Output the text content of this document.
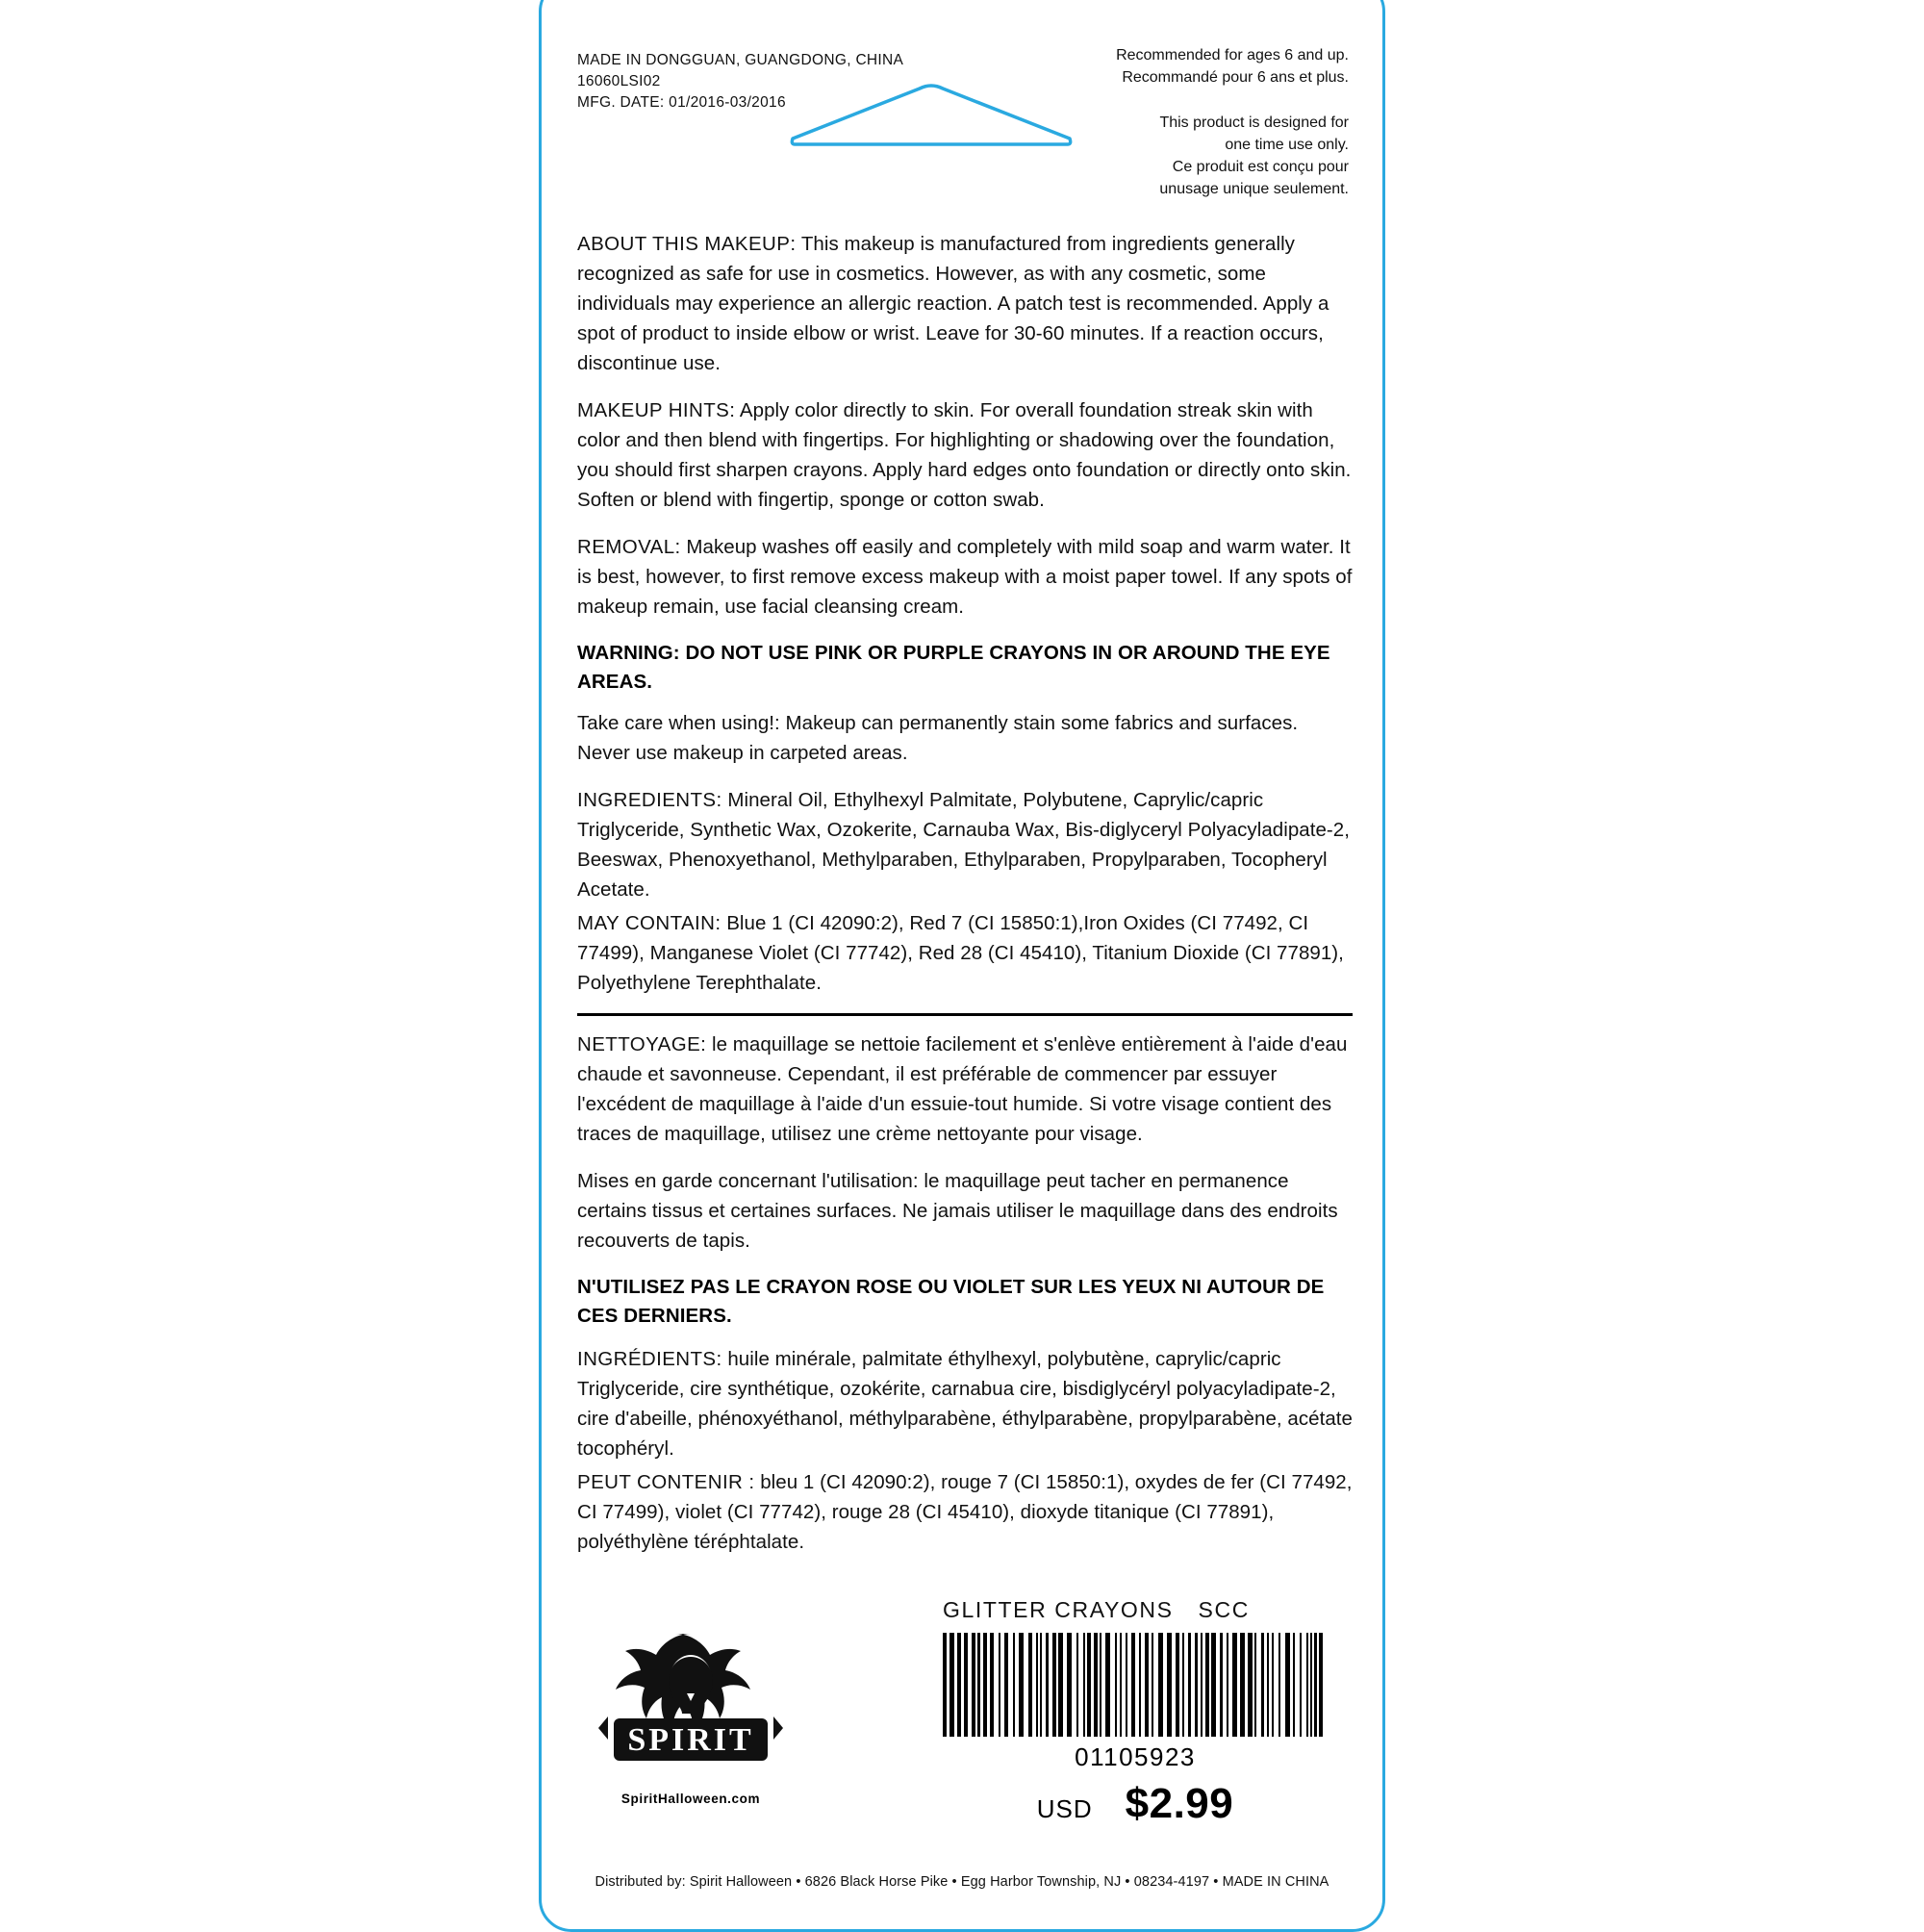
MADE IN DONGGUAN, GUANGDONG, CHINA
16060LSI02
MFG. DATE: 01/2016-03/2016
Recommended for ages 6 and up.
Recommandé pour 6 ans et plus.
This product is designed for
one time use only.
Ce produit est conçu pour
unusage unique seulement.

ABOUT THIS MAKEUP: This makeup is manufactured from ingredients generally recognized as safe for use in cosmetics. However, as with any cosmetic, some individuals may experience an allergic reaction. A patch test is recommended. Apply a spot of product to inside elbow or wrist. Leave for 30-60 minutes. If a reaction occurs, discontinue use.

MAKEUP HINTS: Apply color directly to skin. For overall foundation streak skin with color and then blend with fingertips. For highlighting or shadowing over the foundation, you should first sharpen crayons. Apply hard edges onto foundation or directly onto skin. Soften or blend with fingertip, sponge or cotton swab.

REMOVAL: Makeup washes off easily and completely with mild soap and warm water. It is best, however, to first remove excess makeup with a moist paper towel. If any spots of makeup remain, use facial cleansing cream.

WARNING: DO NOT USE PINK OR PURPLE CRAYONS IN OR AROUND THE EYE AREAS.

Take care when using!: Makeup can permanently stain some fabrics and surfaces. Never use makeup in carpeted areas.

INGREDIENTS: Mineral Oil, Ethylhexyl Palmitate, Polybutene, Caprylic/capric Triglyceride, Synthetic Wax, Ozokerite, Carnauba Wax, Bis-diglyceryl Polyacyladipate-2, Beeswax, Phenoxyethanol, Methylparaben, Ethylparaben, Propylparaben, Tocopheryl Acetate.

MAY CONTAIN: Blue 1 (CI 42090:2), Red 7 (CI 15850:1),Iron Oxides (CI 77492, CI 77499), Manganese Violet (CI 77742), Red 28 (CI 45410), Titanium Dioxide (CI 77891), Polyethylene Terephthalate.

NETTOYAGE: le maquillage se nettoie facilement et s'enlève entièrement à l'aide d'eau chaude et savonneuse. Cependant, il est préférable de commencer par essuyer l'excédent de maquillage à l'aide d'un essuie-tout humide. Si votre visage contient des traces de maquillage, utilisez une crème nettoyante pour visage.

Mises en garde concernant l'utilisation: le maquillage peut tacher en permanence certains tissus et certaines surfaces. Ne jamais utiliser le maquillage dans des endroits recouverts de tapis.

N'UTILISEZ PAS LE CRAYON ROSE OU VIOLET SUR LES YEUX NI AUTOUR DE CES DERNIERS.

INGRÉDIENTS: huile minérale, palmitate éthylhexyl, polybutène, caprylic/capric Triglyceride, cire synthétique, ozokérite, carnabua cire, bisdiglycéryl polyacyladipate-2, cire d'abeille, phénoxyéthanol, méthylparabène, éthylparabène, propylparabène, acétate tocophéryl.

PEUT CONTENIR : bleu 1 (CI 42090:2), rouge 7 (CI 15850:1), oxydes de fer (CI 77492, CI 77499), violet (CI 77742), rouge 28 (CI 45410), dioxyde titanique (CI 77891), polyéthylène téréphtalate.

SPIRIT
SpiritHalloween.com
GLITTER CRAYONS SCC
01105923
USD $2.99
Distributed by: Spirit Halloween • 6826 Black Horse Pike • Egg Harbor Township, NJ • 08234-4197 • MADE IN CHINA
